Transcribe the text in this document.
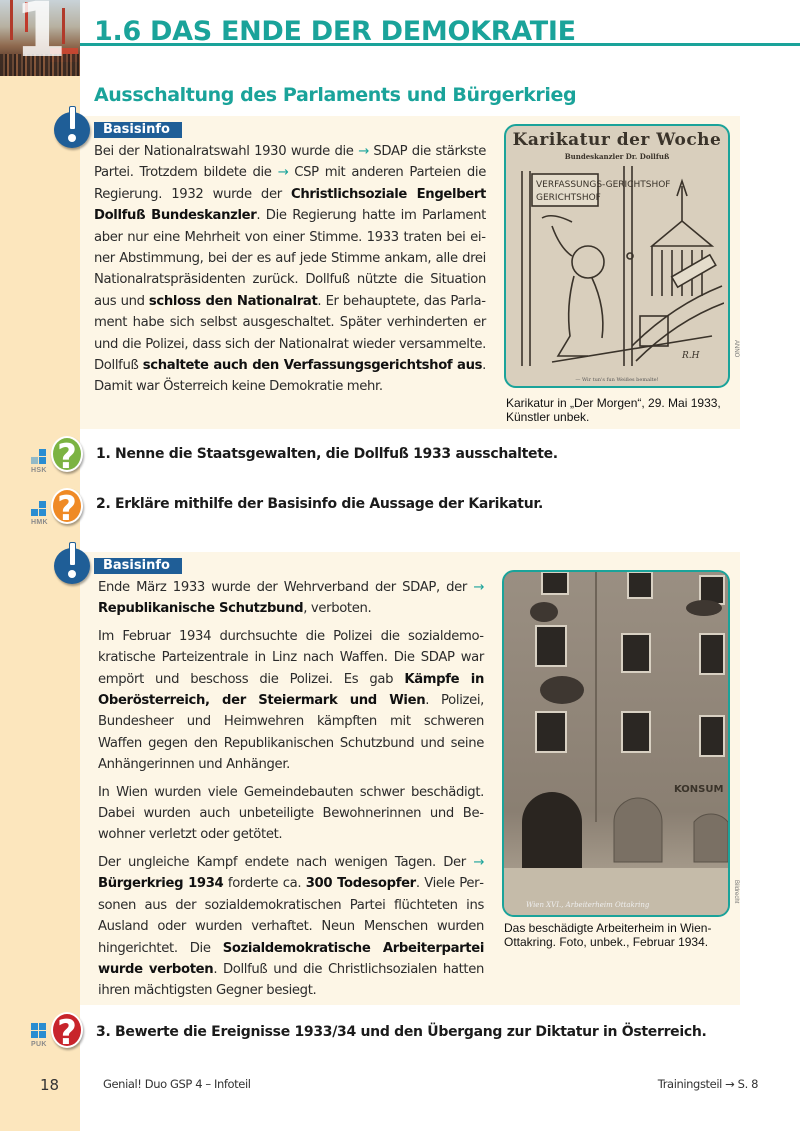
1 1.6 DAS ENDE DER DEMOKRATIE
Ausschaltung des Parlaments und Bürgerkrieg
Basisinfo

Bei der Nationalratswahl 1930 wurde die → SDAP die stärkste Partei. Trotzdem bildete die → CSP mit anderen Parteien die Regierung. 1932 wurde der Christlichsoziale Engelbert Dollfuß Bundeskanzler. Die Regierung hatte im Parlament aber nur eine Mehrheit von einer Stimme. 1933 traten bei einer Abstimmung, bei der es auf jede Stimme ankam, alle drei Nationalratspräsidenten zurück. Dollfuß nützte die Situation aus und schloss den Nationalrat. Er behauptete, das Parlament habe sich selbst ausgeschaltet. Später verhinderten er und die Polizei, dass sich der Nationalrat wieder versammelte. Dollfuß schaltete auch den Verfassungsgerichtshof aus. Damit war Österreich keine Demokratie mehr.

Karikatur der Woche
Bundeskanzler Dr. Dollfuß
VERFASSUNGS-GERICHTSHOF
GERICHTSHOF
R.H
— Wir tun's fun Weißes bemalte!
ANNO
Karikatur in „Der Morgen“, 29. Mai 1933, Künstler unbek.
HSK ?	1. Nenne die Staatsgewalten, die Dollfuß 1933 ausschaltete.
HMK ?	2. Erkläre mithilfe der Basisinfo die Aussage der Karikatur.
Basisinfo

Ende März 1933 wurde der Wehrverband der SDAP, der → Republikanische Schutzbund, verboten.

Im Februar 1934 durchsuchte die Polizei die sozialdemokratische Parteizentrale in Linz nach Waffen. Die SDAP war empört und beschoss die Polizei. Es gab Kämpfe in Oberösterreich, der Steiermark und Wien. Polizei, Bundesheer und Heimwehren kämpften mit schweren Waffen gegen den Republikanischen Schutzbund und seine Anhängerinnen und Anhänger.

In Wien wurden viele Gemeindebauten schwer beschädigt. Dabei wurden auch unbeteiligte Bewohnerinnen und Bewohner verletzt oder getötet.

Der ungleiche Kampf endete nach wenigen Tagen. Der → Bürgerkrieg 1934 forderte ca. 300 Todesopfer. Viele Personen aus der sozialdemokratischen Partei flüchteten ins Ausland oder wurden verhaftet. Neun Menschen wurden hingerichtet. Die Sozialdemokratische Arbeiterpartei wurde verboten. Dollfuß und die Christlichsozialen hatten ihren mächtigsten Gegner besiegt.

KONSUM
Wien XVI., Arbeiterheim Ottakring
Bildrecht
Das beschädigte Arbeiterheim in Wien-Ottakring. Foto, unbek., Februar 1934.
PUK ?	3. Bewerte die Ereignisse 1933/34 und den Übergang zur Diktatur in Österreich.
18	Genial! Duo GSP 4 – Infoteil	Trainingsteil → S. 8
